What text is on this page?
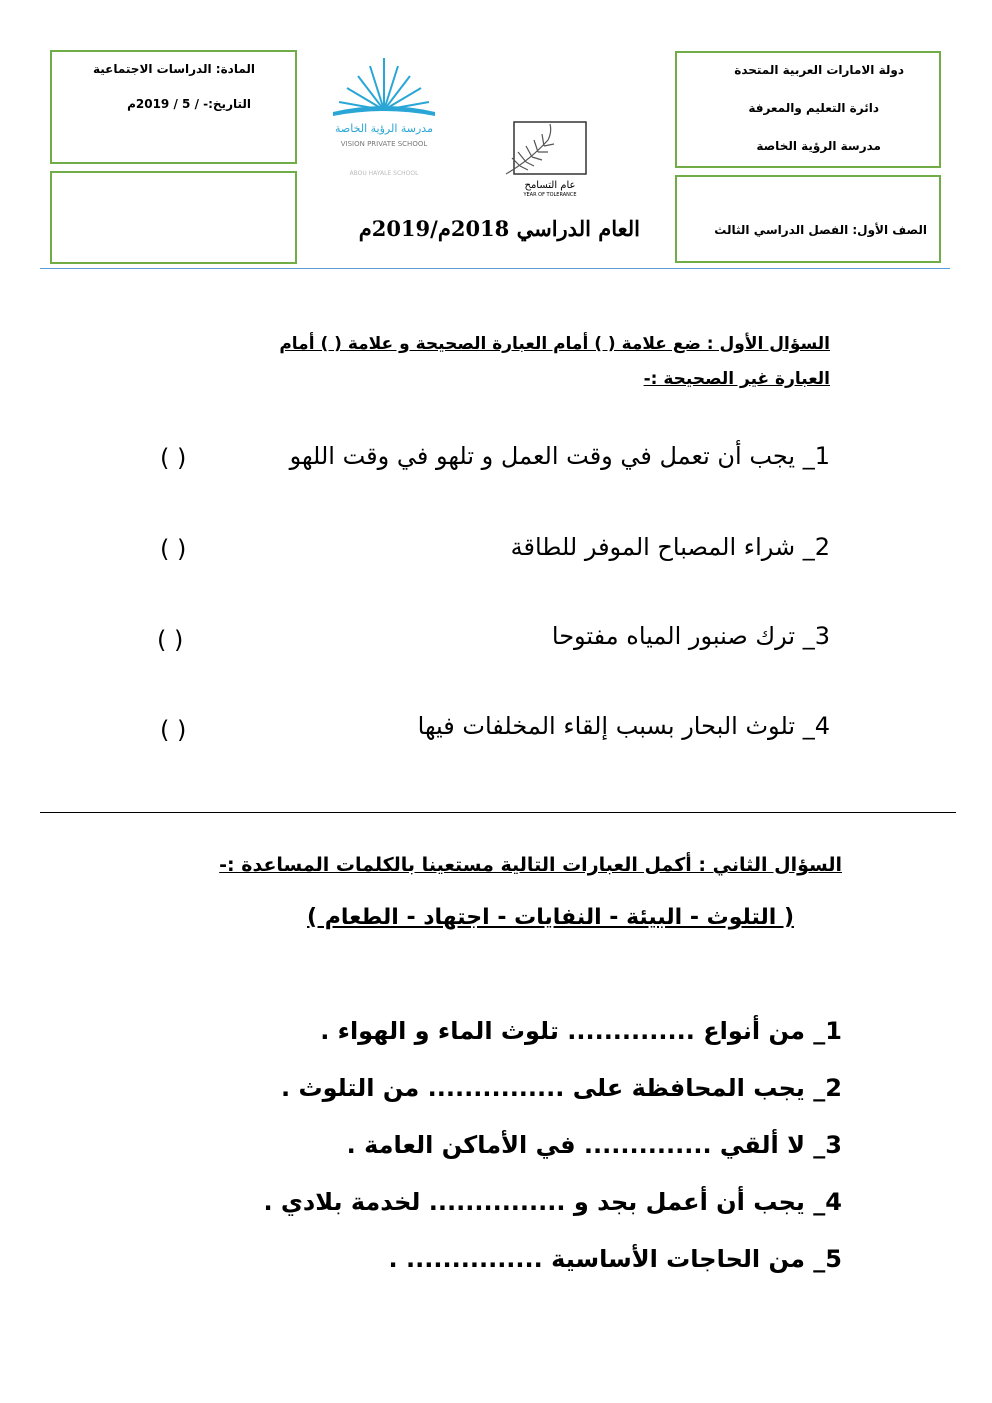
دولة الامارات العربية المتحدة
دائرة التعليم والمعرفة
مدرسة الرؤية الخاصة
الصف الأول: الفصل الدراسي الثالث
المادة: الدراسات الاجتماعية
التاريخ:- / 5 / 2019م
مدرسة الرؤية الخاصة
VISION PRIVATE SCHOOL
ABOU HAYALE SCHOOL
عام التسامح
YEAR OF TOLERANCE
العام الدراسي 2018م/2019م
السؤال الأول : ضع علامة ( ) أمام العبارة الصحيحة و علامة ( ) أمام
العبارة غير الصحيحة :-
1_ يجب أن تعمل في وقت العمل و تلهو في وقت اللهو
( )
2_ شراء المصباح الموفر للطاقة
( )
3_ ترك صنبور المياه مفتوحا
( )
4_ تلوث البحار بسبب إلقاء المخلفات فيها
( )
السؤال الثاني : أكمل العبارات التالية مستعينا بالكلمات المساعدة :-
( التلوث - البيئة - النفايات - اجتهاد - الطعام )
1_ من أنواع .............. تلوث الماء و الهواء .
2_ يجب المحافظة على ............... من التلوث .
3_ لا ألقي .............. في الأماكن العامة .
4_ يجب أن أعمل بجد و ............... لخدمة بلادي .
5_ من الحاجات الأساسية ............... .
